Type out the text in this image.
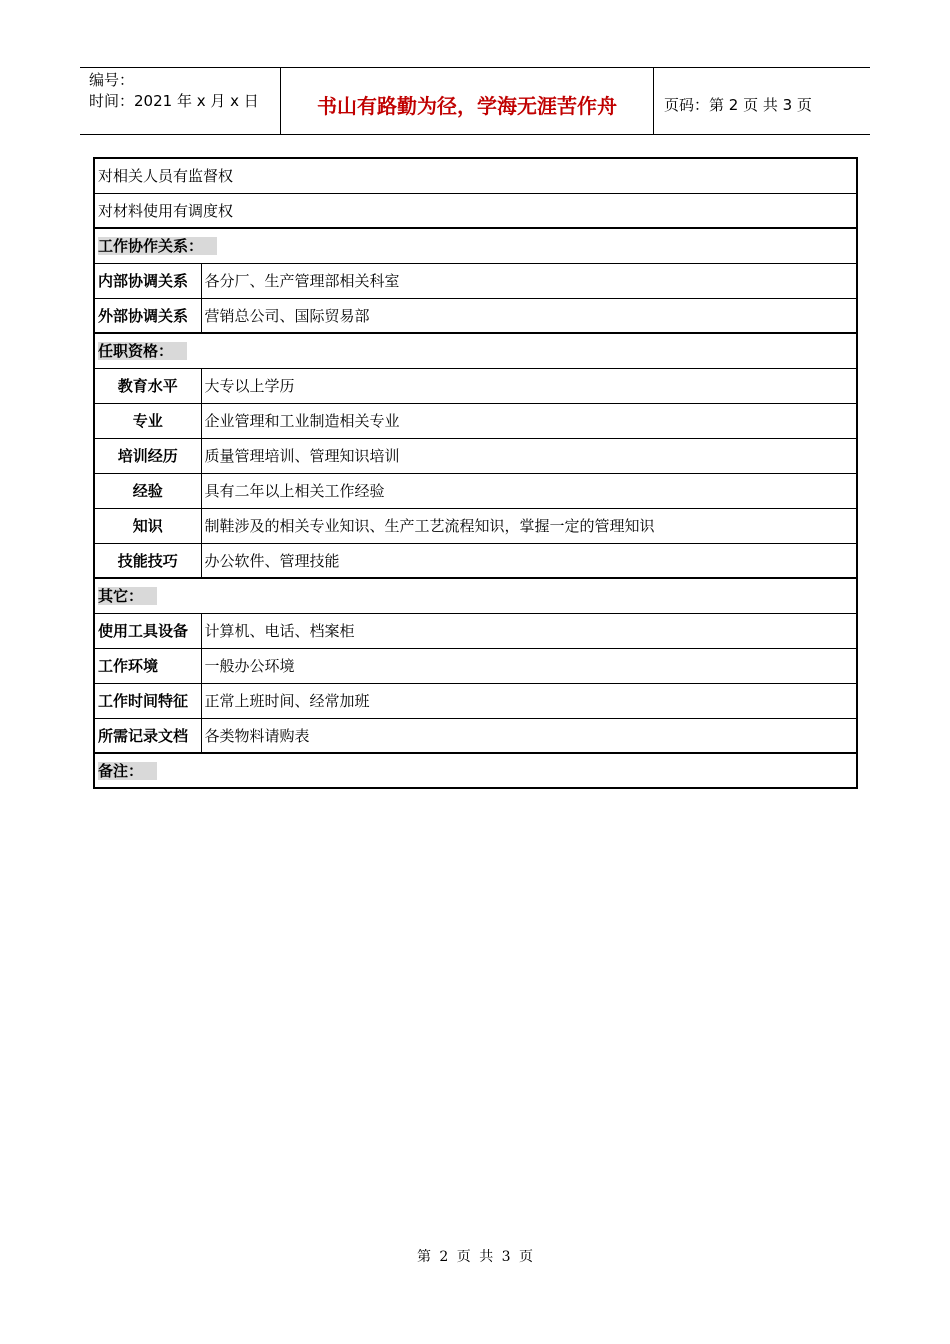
编号：
时间：2021 年 x 月 x 日	书山有路勤为径，学海无涯苦作舟	页码：第 2 页 共 3 页
对相关人员有监督权	
对材料使用有调度权	
工作协作关系：	
内部协调关系	各分厂、生产管理部相关科室
外部协调关系	营销总公司、国际贸易部
任职资格：	
教育水平	大专以上学历
专业	企业管理和工业制造相关专业
培训经历	质量管理培训、管理知识培训
经验	具有二年以上相关工作经验
知识	制鞋涉及的相关专业知识、生产工艺流程知识，掌握一定的管理知识
技能技巧	办公软件、管理技能
其它：	
使用工具设备	计算机、电话、档案柜
工作环境	一般办公环境
工作时间特征	正常上班时间、经常加班
所需记录文档	各类物料请购表
备注：	
第 2 页 共 3 页
